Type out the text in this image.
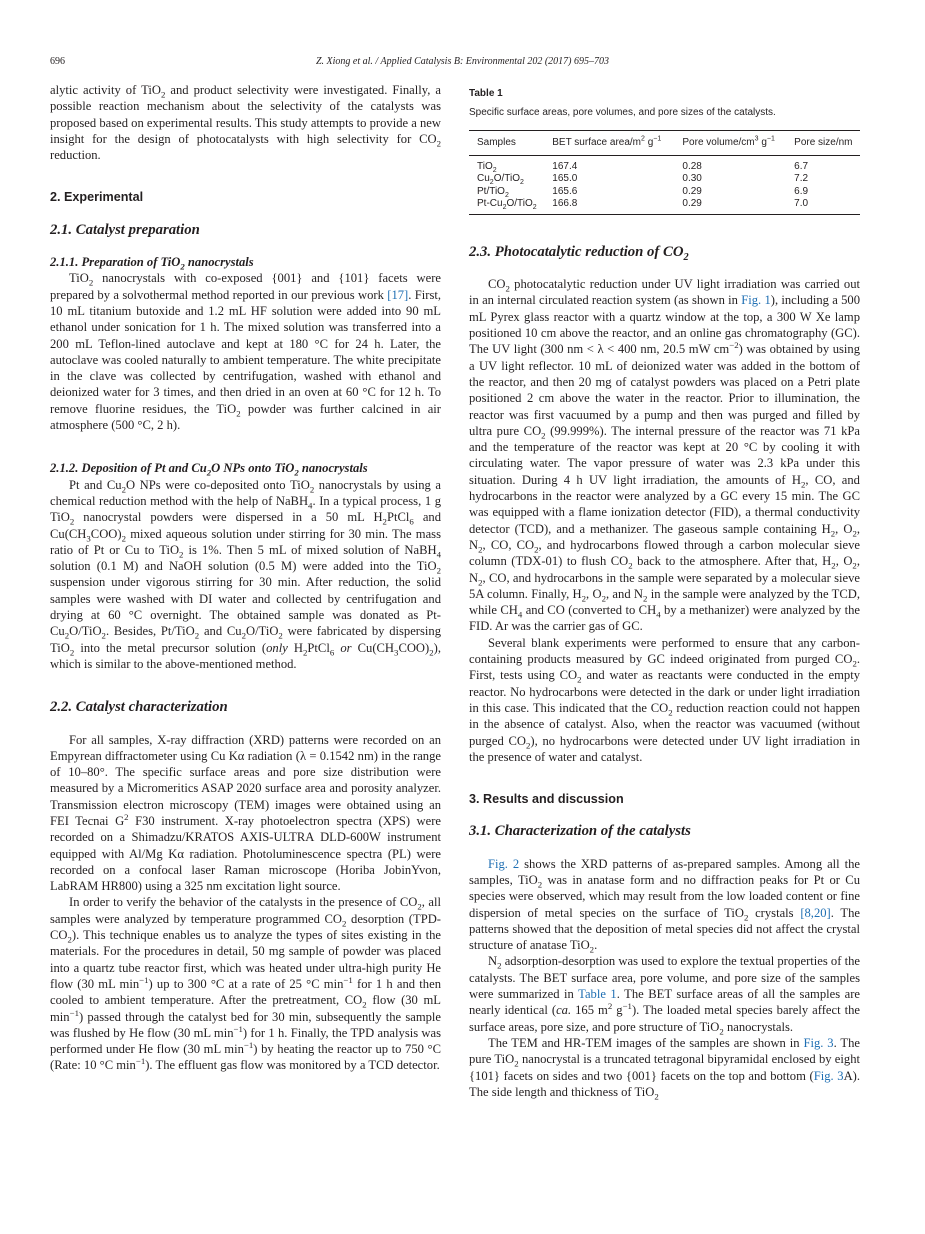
696	Z. Xiong et al. / Applied Catalysis B: Environmental 202 (2017) 695–703

alytic activity of TiO$_2$ and product selectivity were investigated. Finally, a possible reaction mechanism about the selectivity of the catalysts was proposed based on experimental results. This study attempts to provide a new insight for the design of photocatalysts with high selectivity for $CO_2$ reduction.

2. Experimental
2.1. Catalyst preparation
2.1.1. Preparation of TiO$_2$ nanocrystals

TiO$_2$ nanocrystals with co-exposed {001} and {101} facets were prepared by a solvothermal method reported in our previous work [17]. First, 10 mL titanium butoxide and 1.2 mL HF solution were added into 90 mL ethanol under sonication for 1 h. The mixed solution was transferred into a 200 mL Teflon-lined autoclave and kept at 180 °C for 24 h. Later, the autoclave was cooled naturally to ambient temperature. The white precipitate in the clave was collected by centrifugation, washed with ethanol and deionized water for 3 times, and then dried in an oven at 60 °C for 12 h. To remove fluorine residues, the TiO$_2$ powder was further calcined in air atmosphere (500 °C, 2 h).

2.1.2. Deposition of Pt and $Cu_2O$ NPs onto TiO$_2$ nanocrystals

Pt and $Cu_2O$ NPs were co-deposited onto TiO$_2$ nanocrystals by using a chemical reduction method with the help of NaBH$_4$. In a typical process, 1 g TiO$_2$ nanocrystal powders were dispersed in a 50 mL $H_2PtCl_6$ and $Cu(CH_3COO)_2$ mixed aqueous solution under stirring for 30 min. The mass ratio of Pt or Cu to TiO$_2$ is 1%. Then 5 mL of mixed solution of NaBH$_4$ solution (0.1 M) and NaOH solution (0.5 M) were added into the TiO$_2$ suspension under vigorous stirring for 30 min. After reduction, the solid samples were washed with DI water and collected by centrifugation and drying at 60 °C overnight. The obtained sample was donated as $Pt-Cu_2O/TiO_2$. Besides, Pt/TiO$_2$ and $Cu_2O/TiO_2$ were fabricated by dispersing TiO$_2$ into the metal precursor solution (only $H_2PtCl_6$ or $Cu(CH_3COO)_2$), which is similar to the above-mentioned method.

2.2. Catalyst characterization

For all samples, X-ray diffraction (XRD) patterns were recorded on an Empyrean diffractometer using Cu Kα radiation (λ = 0.1542 nm) in the range of 10–80°. The specific surface areas and pore size distribution were measured by a Micromeritics ASAP 2020 surface area and porosity analyzer. Transmission electron microscopy (TEM) images were obtained using an FEI Tecnai $G^2$ F30 instrument. X-ray photoelectron spectra (XPS) were recorded on a Shimadzu/KRATOS AXIS-ULTRA DLD-600W instrument equipped with Al/Mg Kα radiation. Photoluminescence spectra (PL) were recorded on a confocal laser Raman microscope (Horiba JobinYvon, LabRAM HR800) using a 325 nm excitation light source.

In order to verify the behavior of the catalysts in the presence of $CO_2$, all samples were analyzed by temperature programmed $CO_2$ desorption $(TPD-CO_2)$. This technique enables us to analyze the types of sites existing in the materials. For the procedures in detail, 50 mg sample of powder was placed into a quartz tube reactor first, which was heated under ultra-high purity He flow (30 mL $\min^{-1}$) up to 300 °C at a rate of 25 °C $\min^{-1}$ for 1 h and then cooled to ambient temperature. After the pretreatment, $CO_2$ flow (30 mL $\min^{-1}$) passed through the catalyst bed for 30 min, subsequently the sample was flushed by He flow (30 mL $\min^{-1}$) for 1 h. Finally, the TPD analysis was performed under He flow (30 mL $\min^{-1}$) by heating the reactor up to 750 °C (Rate: 10 °C $\min^{-1}$). The effluent gas flow was monitored by a TCD detector.

Table 1

Specific surface areas, pore volumes, and pore sizes of the catalysts.

Samples	BET surface area/$m^2$ $g^{-1}$	Pore volume/$cm^3$ $g^{-1}$	Pore size/nm
TiO$_2$	167.4	0.28	6.7
$Cu_2O/TiO_2$	165.0	0.30	7.2
Pt/TiO$_2$	165.6	0.29	6.9
$Pt-Cu_2O/TiO_2$	166.8	0.29	7.0
2.3. Photocatalytic reduction of $CO_2$

$CO_2$ photocatalytic reduction under UV light irradiation was carried out in an internal circulated reaction system (as shown in Fig. 1), including a 500 mL Pyrex glass reactor with a quartz window at the top, a 300 W Xe lamp positioned 10 cm above the reactor, and an online gas chromatography (GC). The UV light (300 nm < λ < 400 nm, 20.5 mW $cm^{-2}$) was obtained by using a UV light reflector. 10 mL of deionized water was added in the bottom of the reactor, and then 20 mg of catalyst powders was placed on a Petri plate positioned 2 cm above the water in the reactor. Prior to illumination, the reactor was first vacuumed by a pump and then was purged and filled by ultra pure $CO_2$ (99.999%). The internal pressure of the reactor was 71 kPa and the temperature of the reactor was kept at 20 °C by cooling it with circulating water. The vapor pressure of water was 2.3 kPa under this situation. During 4 h UV light irradiation, the amounts of $H_2$, CO, and hydrocarbons in the reactor were analyzed by a GC every 15 min. The GC was equipped with a flame ionization detector (FID), a thermal conductivity detector (TCD), and a methanizer. The gaseous sample containing $H_2$, $O_2$, $N_2$, CO, $CO_2$, and hydrocarbons flowed through a carbon molecular sieve column (TDX-01) to flush $CO_2$ back to the atmosphere. After that, $H_2$, $O_2$, $N_2$, CO, and hydrocarbons in the sample were separated by a molecular sieve 5A column. Finally, $H_2$, $O_2$, and $N_2$ in the sample were analyzed by the TCD, while $CH_4$ and CO (converted to $CH_4$ by a methanizer) were analyzed by the FID. Ar was the carrier gas of GC.

Several blank experiments were performed to ensure that any carbon-containing products measured by GC indeed originated from purged $CO_2$. First, tests using $CO_2$ and water as reactants were conducted in the empty reactor. No hydrocarbons were detected in the dark or under light irradiation in this case. This indicated that the $CO_2$ reduction reaction could not happen in the absence of catalyst. Also, when the reactor was vacuumed (without purged $CO_2$), no hydrocarbons were detected under UV light irradiation in the presence of water and catalyst.

3. Results and discussion
3.1. Characterization of the catalysts

Fig. 2 shows the XRD patterns of as-prepared samples. Among all the samples, TiO$_2$ was in anatase form and no diffraction peaks for Pt or Cu species were observed, which may result from the low loaded content or fine dispersion of metal species on the surface of TiO$_2$ crystals [8,20]. The patterns showed that the deposition of metal species did not affect the crystal structure of anatase TiO$_2$.

$N_2$ adsorption-desorption was used to explore the textual properties of the catalysts. The BET surface area, pore volume, and pore size of the samples were summarized in Table 1. The BET surface areas of all the samples are nearly identical (ca. 165 $m^2$ $g^{-1}$). The loaded metal species barely affect the surface areas, pore size, and pore structure of TiO$_2$ nanocrystals.

The TEM and HR-TEM images of the samples are shown in Fig. 3. The pure TiO$_2$ nanocrystal is a truncated tetragonal bipyramidal enclosed by eight {101} facets on sides and two {001} facets on the top and bottom (Fig. 3A). The side length and thickness of TiO$_2$
